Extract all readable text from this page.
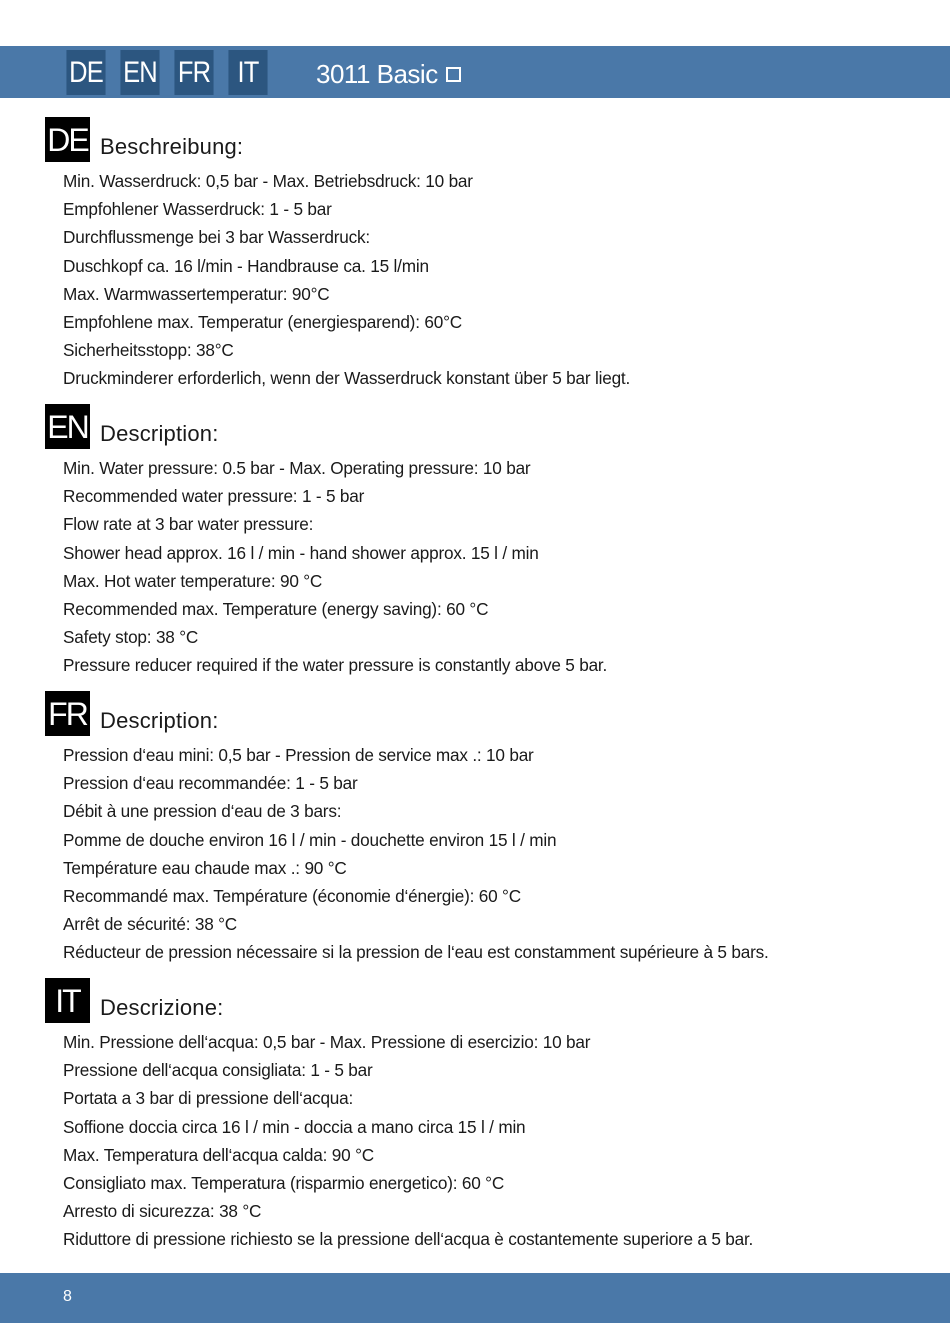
DE EN FR IT	3011 Basic
DE Beschreibung:
Min. Wasserdruck: 0,5 bar - Max. Betriebsdruck: 10 bar
Empfohlener Wasserdruck: 1 - 5 bar
Durchflussmenge bei 3 bar Wasserdruck:
Duschkopf ca. 16 l/min - Handbrause ca. 15 l/min
Max. Warmwassertemperatur: 90°C
Empfohlene max. Temperatur (energiesparend): 60°C
Sicherheitsstopp: 38°C
Druckminderer erforderlich, wenn der Wasserdruck konstant über 5 bar liegt.
EN Description:
Min. Water pressure: 0.5 bar - Max. Operating pressure: 10 bar
Recommended water pressure: 1 - 5 bar
Flow rate at 3 bar water pressure:
Shower head approx. 16 l / min - hand shower approx. 15 l / min
Max. Hot water temperature: 90 °C
Recommended max. Temperature (energy saving): 60 °C
Safety stop: 38 °C
Pressure reducer required if the water pressure is constantly above 5 bar.
FR Description:
Pression d‘eau mini: 0,5 bar - Pression de service max .: 10 bar
Pression d‘eau recommandée: 1 - 5 bar
Débit à une pression d‘eau de 3 bars:
Pomme de douche environ 16 l / min - douchette environ 15 l / min
Température eau chaude max .: 90 °C
Recommandé max. Température (économie d‘énergie): 60 °C
Arrêt de sécurité: 38 °C
Réducteur de pression nécessaire si la pression de l‘eau est constamment supérieure à 5 bars.
IT Descrizione:
Min. Pressione dell‘acqua: 0,5 bar - Max. Pressione di esercizio: 10 bar
Pressione dell‘acqua consigliata: 1 - 5 bar
Portata a 3 bar di pressione dell‘acqua:
Soffione doccia circa 16 l / min - doccia a mano circa 15 l / min
Max. Temperatura dell‘acqua calda: 90 °C
Consigliato max. Temperatura (risparmio energetico): 60 °C
Arresto di sicurezza: 38 °C
Riduttore di pressione richiesto se la pressione dell‘acqua è costantemente superiore a 5 bar.
8
